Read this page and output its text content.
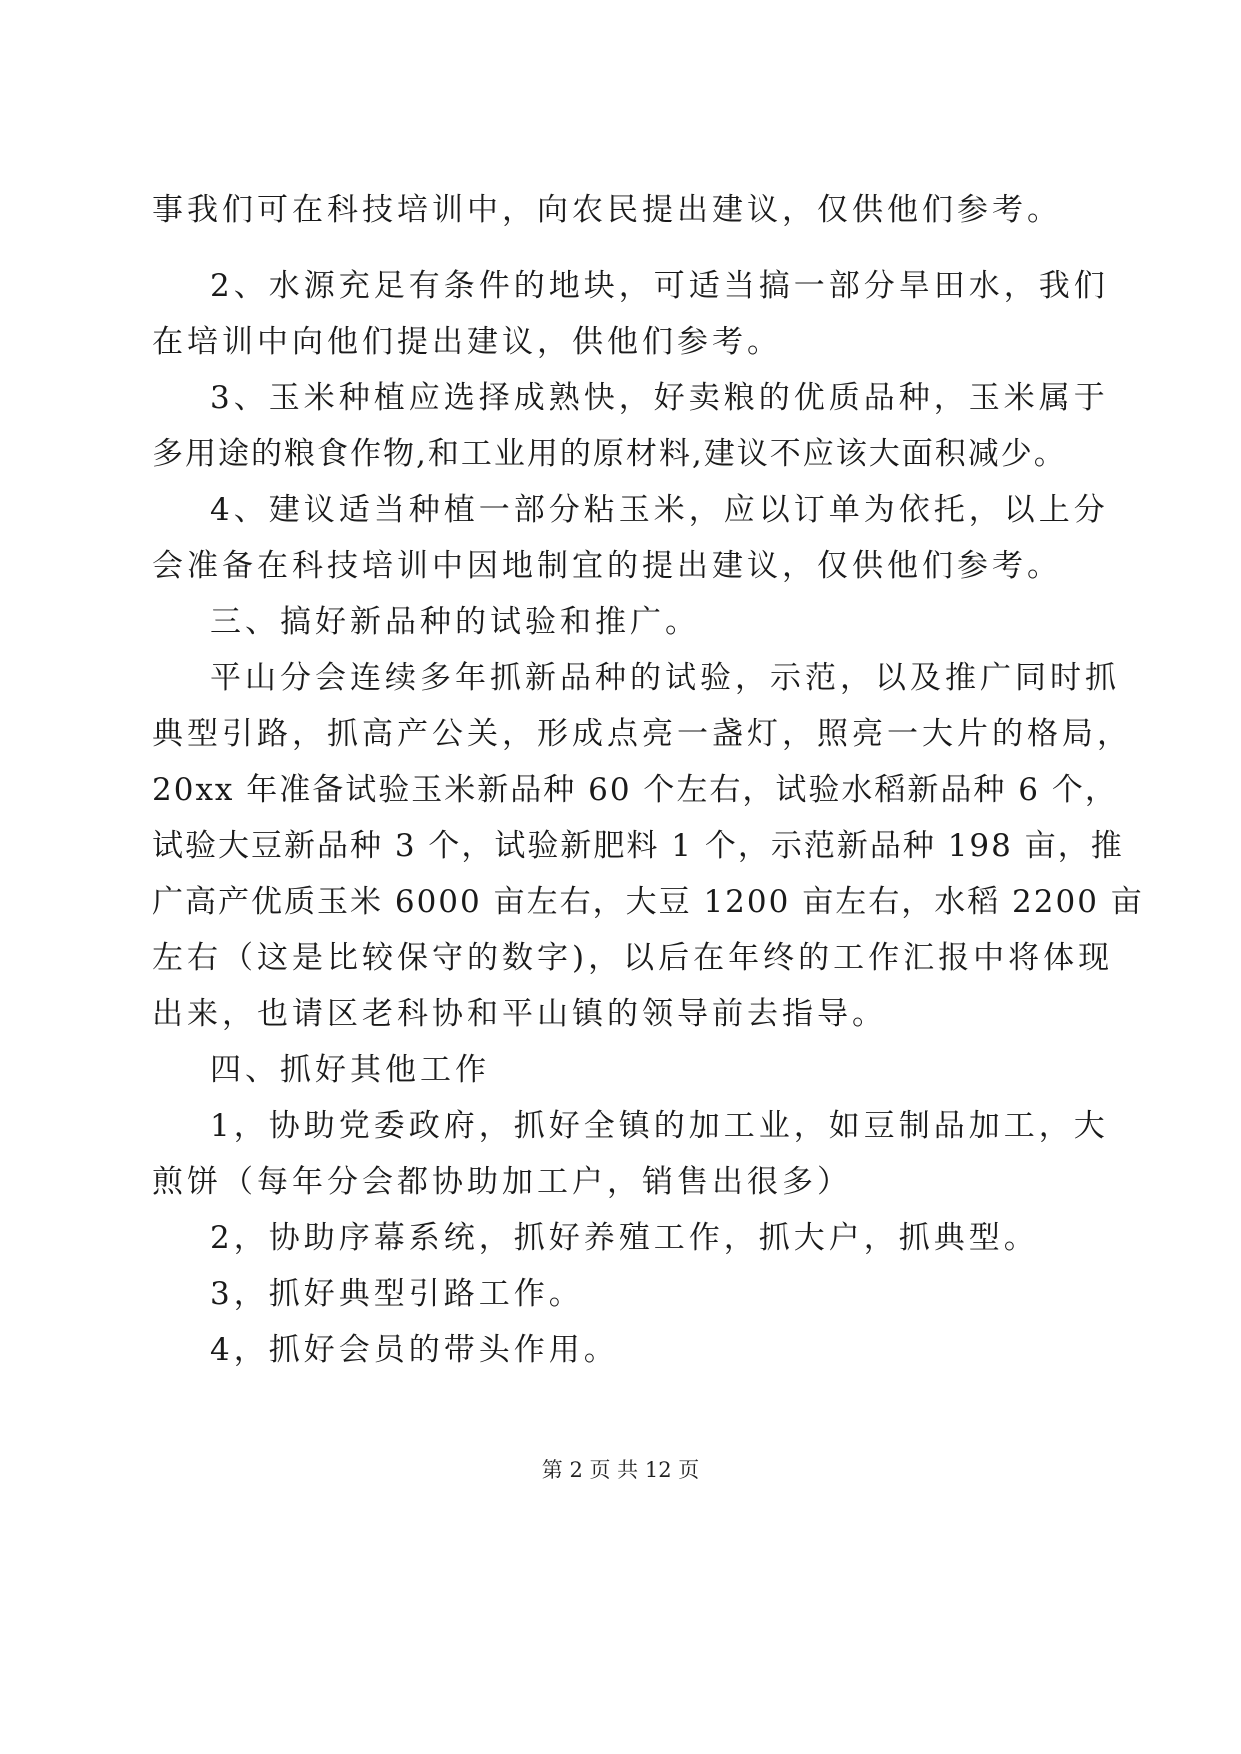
事我们可在科技培训中，向农民提出建议，仅供他们参考。
2、水源充足有条件的地块，可适当搞一部分旱田水，我们
在培训中向他们提出建议，供他们参考。
3、玉米种植应选择成熟快，好卖粮的优质品种，玉米属于
多用途的粮食作物,和工业用的原材料,建议不应该大面积减少。
4、建议适当种植一部分粘玉米，应以订单为依托，以上分
会准备在科技培训中因地制宜的提出建议，仅供他们参考。
三、搞好新品种的试验和推广。
平山分会连续多年抓新品种的试验，示范，以及推广同时抓
典型引路，抓高产公关，形成点亮一盏灯，照亮一大片的格局，
20xx 年准备试验玉米新品种 60 个左右，试验水稻新品种 6 个，
试验大豆新品种 3 个，试验新肥料 1 个，示范新品种 198 亩，推
广高产优质玉米 6000 亩左右，大豆 1200 亩左右，水稻 2200 亩
左右（这是比较保守的数字)，以后在年终的工作汇报中将体现
出来，也请区老科协和平山镇的领导前去指导。
四、抓好其他工作
1，协助党委政府，抓好全镇的加工业，如豆制品加工，大
煎饼（每年分会都协助加工户，销售出很多）
2，协助序幕系统，抓好养殖工作，抓大户，抓典型。
3，抓好典型引路工作。
4，抓好会员的带头作用。
第 2 页 共 12 页
